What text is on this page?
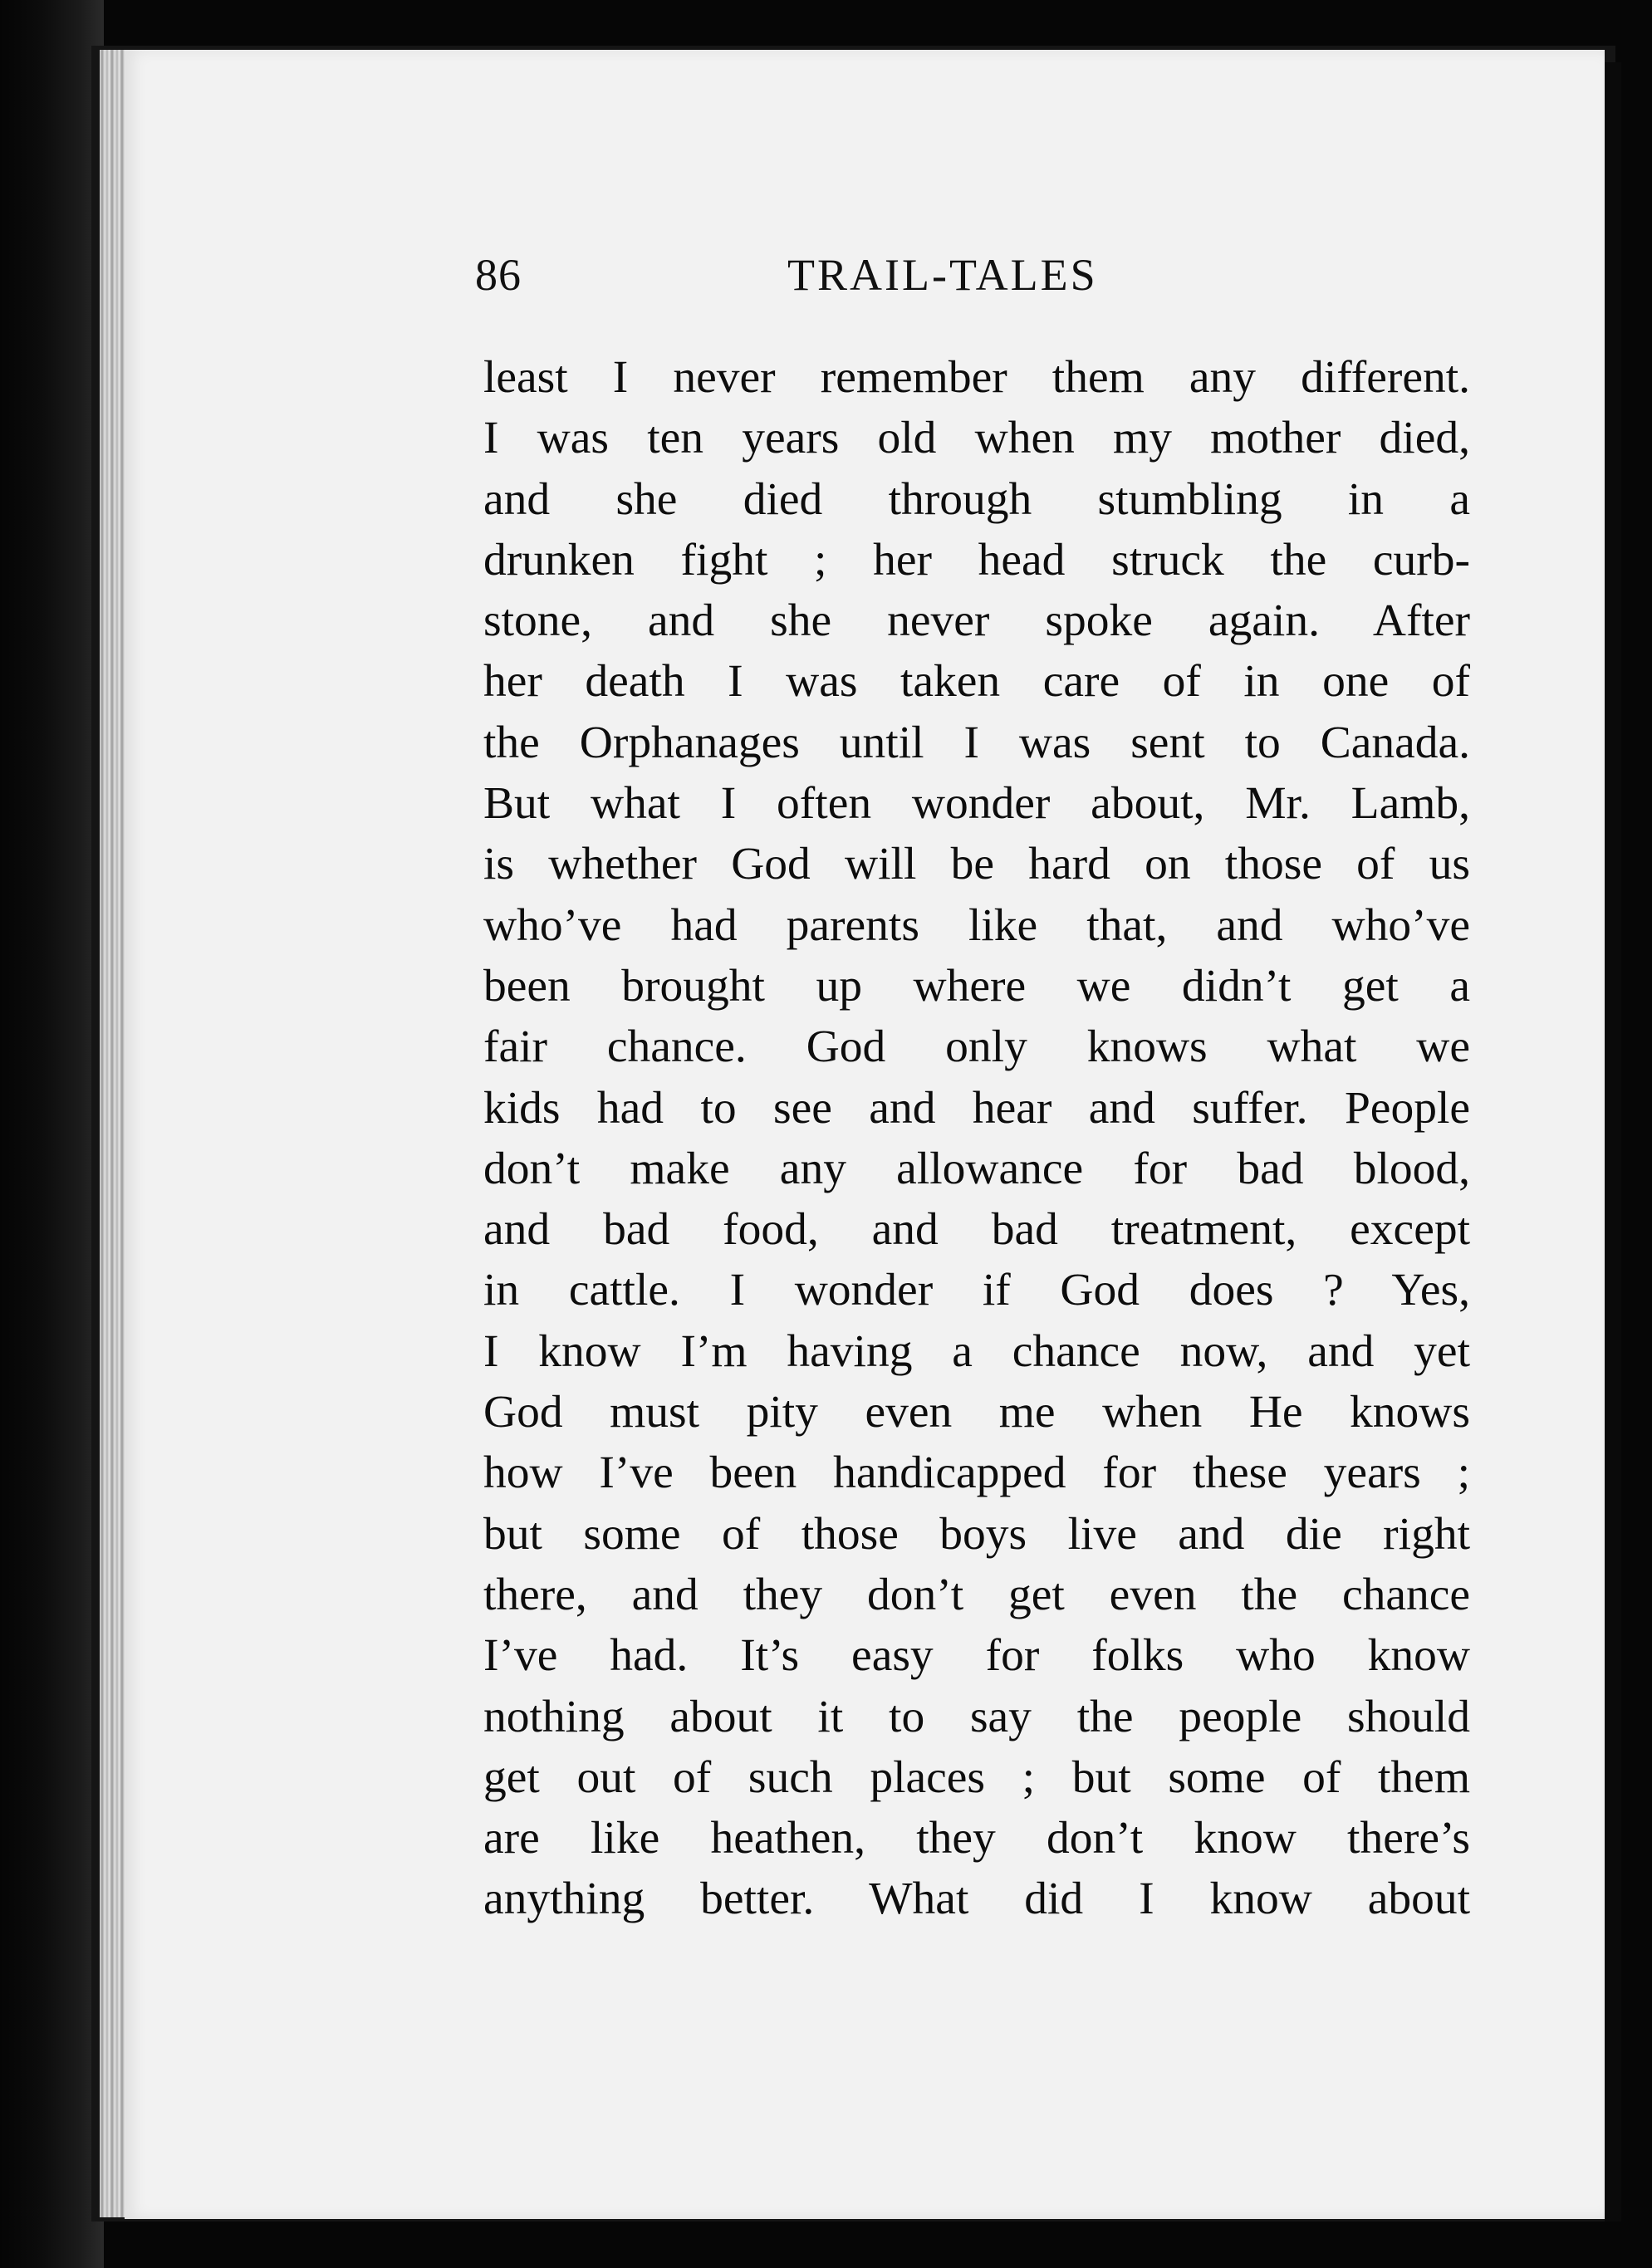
86	TRAIL-TALES
least I never remember them any different.
I was ten years old when my mother died,
and she died through stumbling in a
drunken fight ; her head struck the curb-
stone, and she never spoke again. After
her death I was taken care of in one of
the Orphanages until I was sent to Canada.
But what I often wonder about, Mr. Lamb,
is whether God will be hard on those of us
who’ve had parents like that, and who’ve
been brought up where we didn’t get a
fair chance. God only knows what we
kids had to see and hear and suffer. People
don’t make any allowance for bad blood,
and bad food, and bad treatment, except
in cattle. I wonder if God does ? Yes,
I know I’m having a chance now, and yet
God must pity even me when He knows
how I’ve been handicapped for these years ;
but some of those boys live and die right
there, and they don’t get even the chance
I’ve had. It’s easy for folks who know
nothing about it to say the people should
get out of such places ; but some of them
are like heathen, they don’t know there’s
anything better. What did I know about
